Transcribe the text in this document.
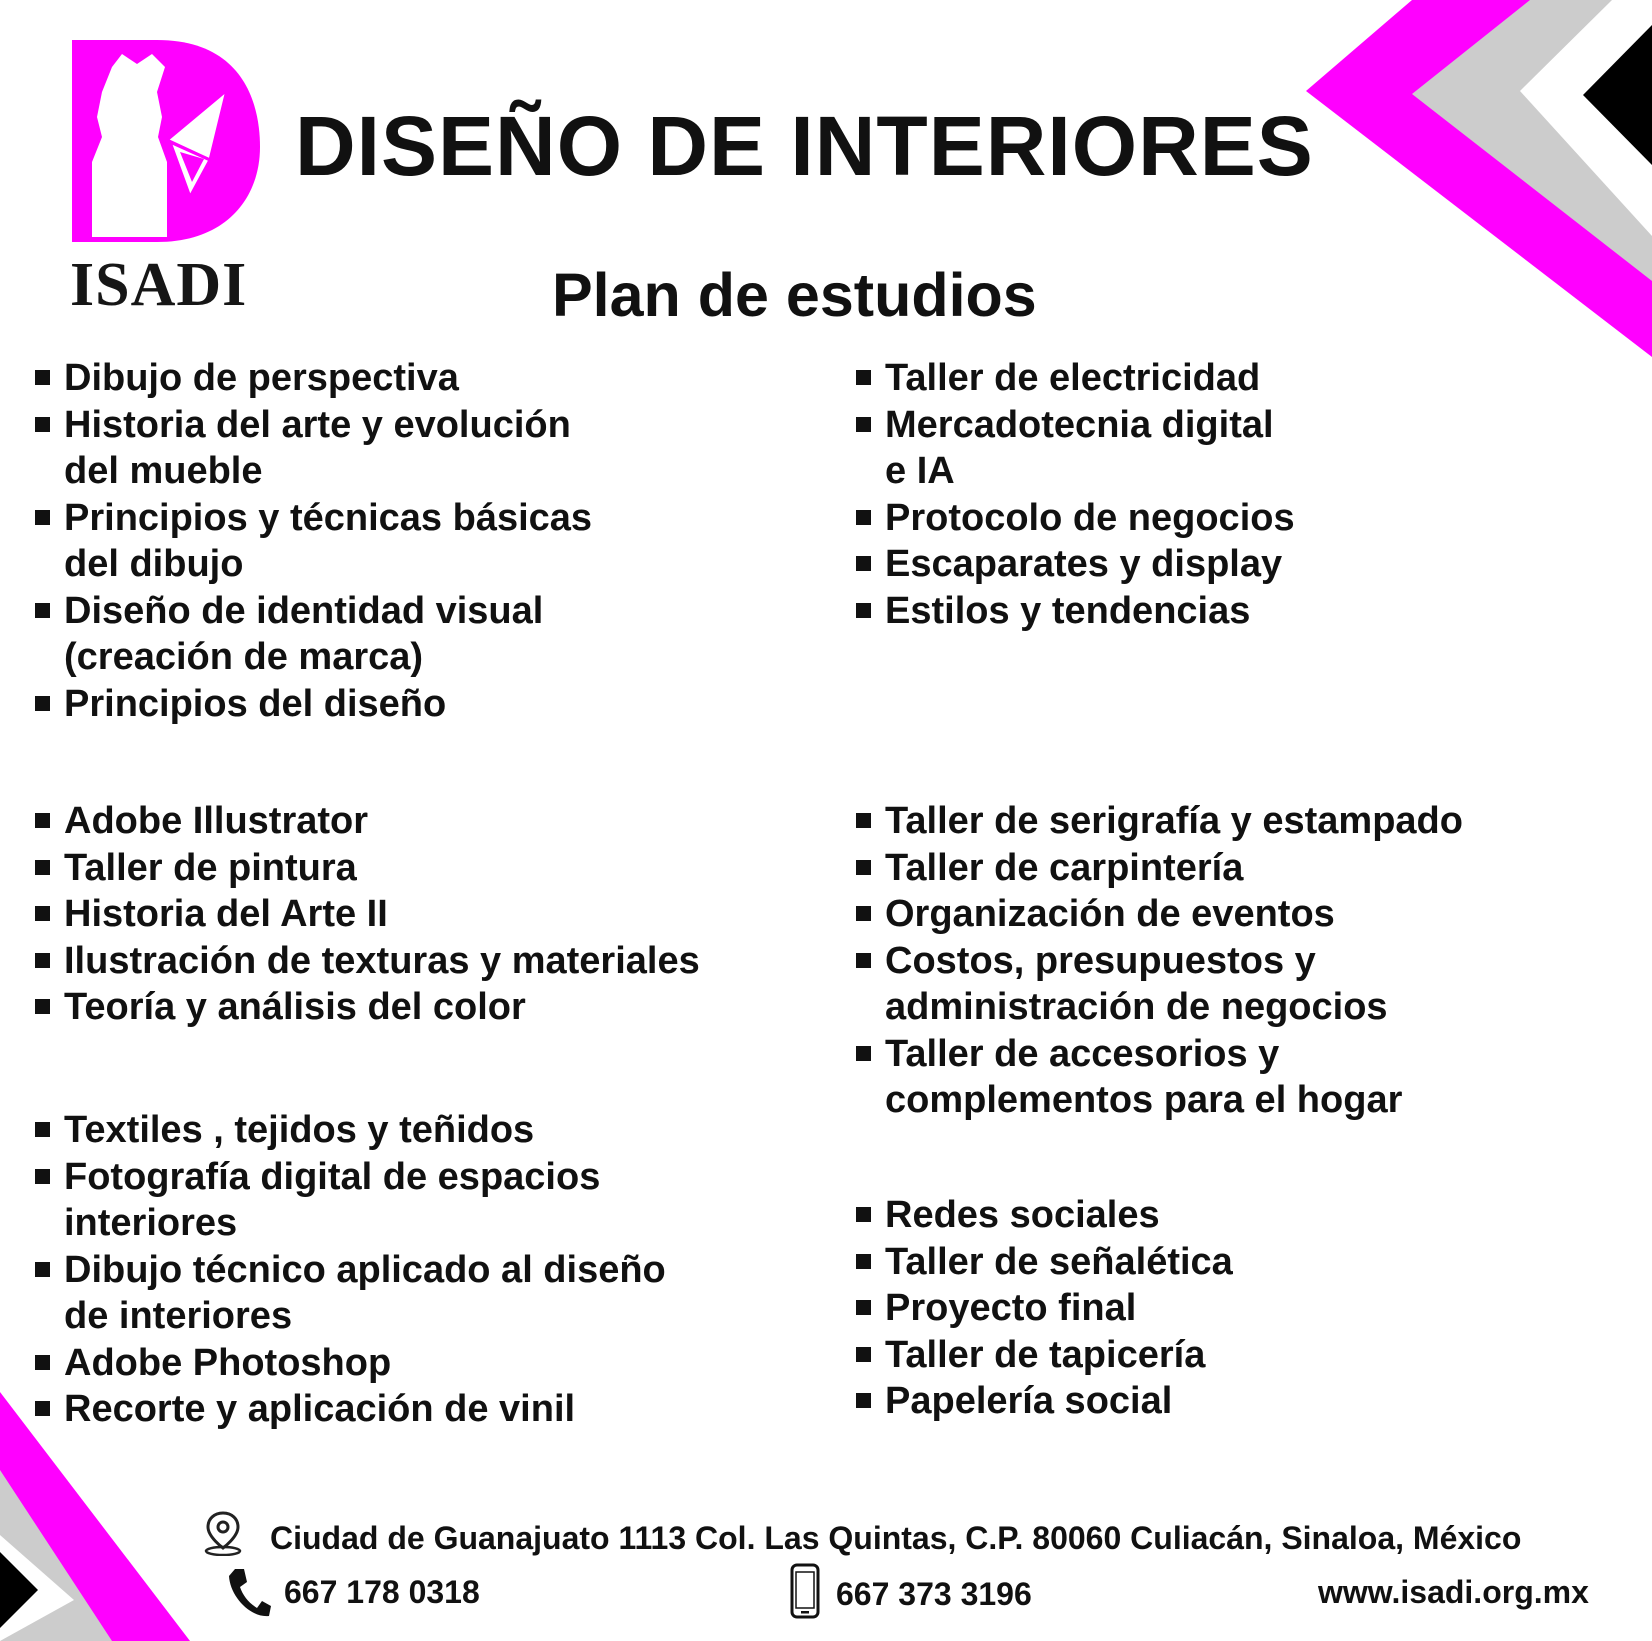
ISADI
DISEÑO DE INTERIORES
Plan de estudios
Dibujo de perspectiva
Historia del arte y evolución
del mueble
Principios y técnicas básicas
del dibujo
Diseño de identidad visual
(creación de marca)
Principios del diseño
Taller de electricidad
Mercadotecnia digital
e IA
Protocolo de negocios
Escaparates y display
Estilos y tendencias
Adobe Illustrator
Taller de pintura
Historia del Arte II
Ilustración de texturas y materiales
Teoría y análisis del color
Taller de serigrafía y estampado
Taller de carpintería
Organización de eventos
Costos, presupuestos y
administración de negocios
Taller de accesorios y
complementos para el hogar
Textiles , tejidos y teñidos
Fotografía digital de espacios
interiores
Dibujo técnico aplicado al diseño
de interiores
Adobe Photoshop
Recorte y aplicación de vinil
Redes sociales
Taller de señalética
Proyecto final
Taller de tapicería
Papelería social
Ciudad de Guanajuato 1113 Col. Las Quintas, C.P. 80060 Culiacán, Sinaloa, México
667 178 0318	667 373 3196	www.isadi.org.mx
